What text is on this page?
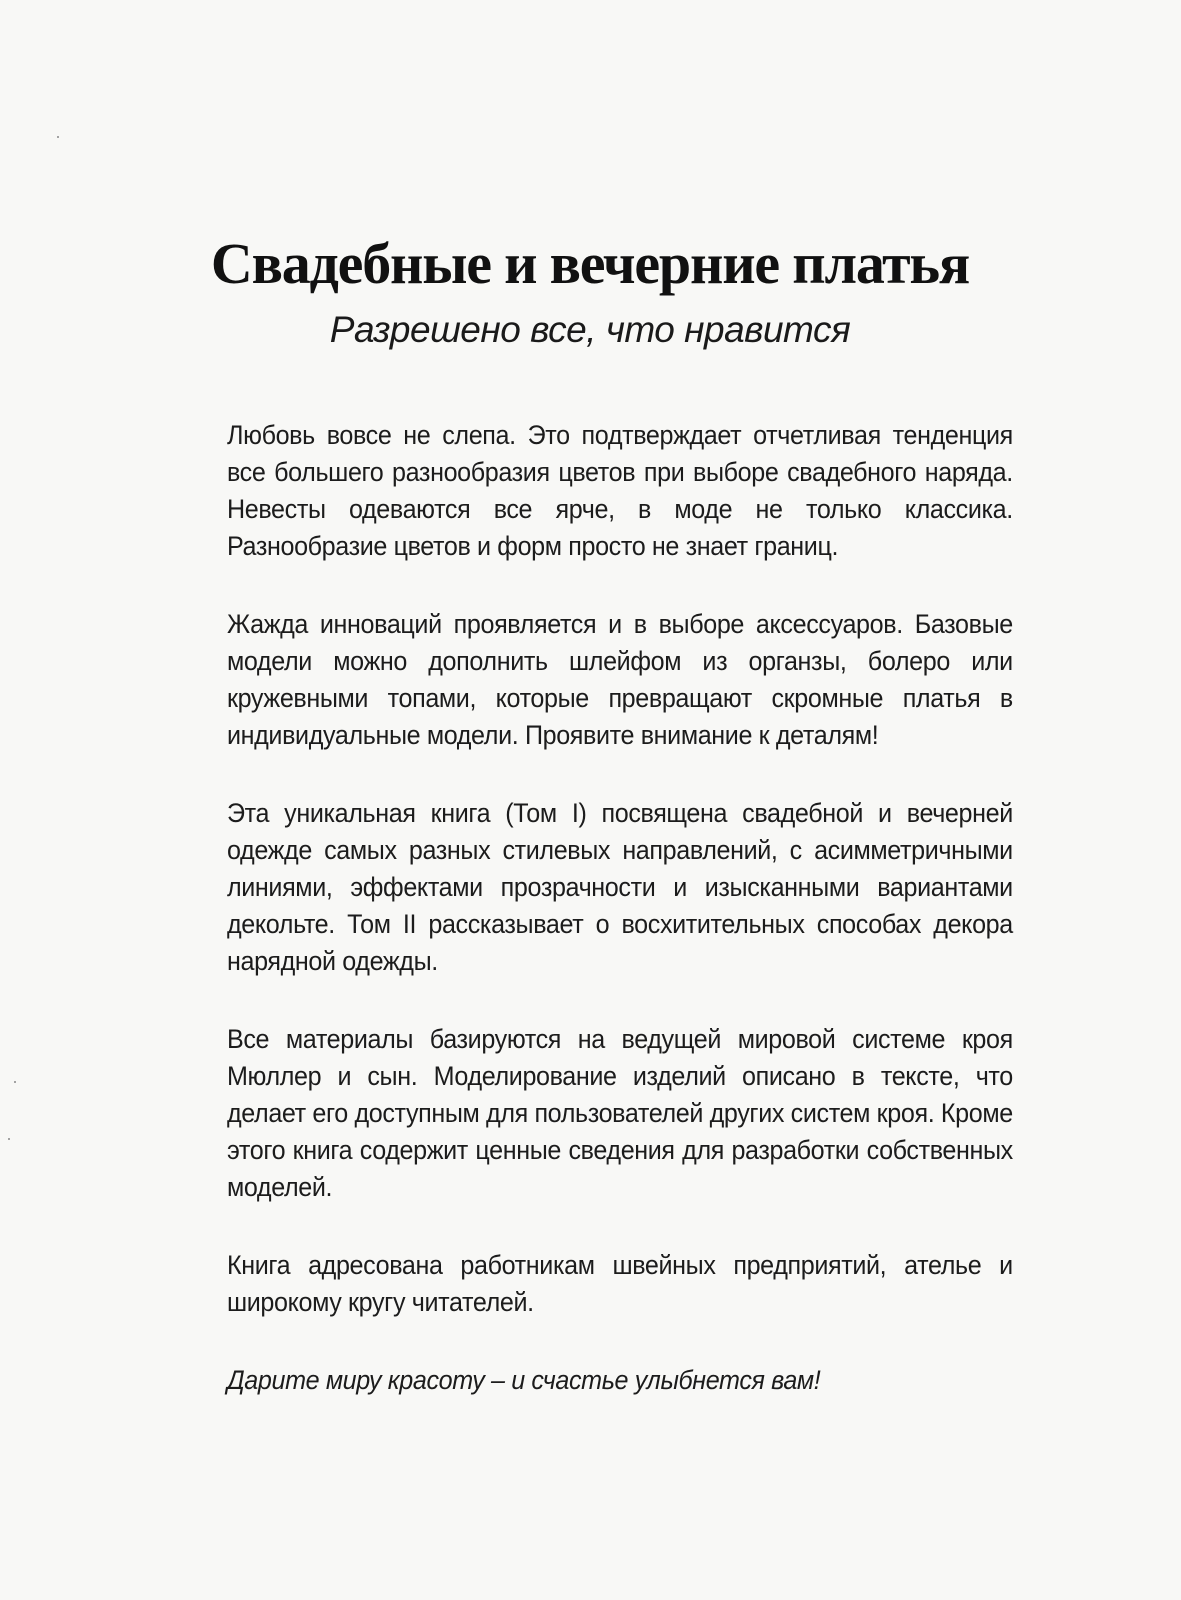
Свадебные и вечерние платья

Разрешено все, что нравится

Любовь вовсе не слепа. Это подтверждает отчетливая тенденция все большего разнообразия цветов при выборе свадебного наряда. Невесты одеваются все ярче, в моде не только классика. Разнообразие цветов и форм просто не знает границ.

Жажда инноваций проявляется и в выборе аксессуаров. Базовые модели можно дополнить шлейфом из органзы, болеро или кружевными топами, которые превращают скромные платья в индивидуальные модели. Проявите внимание к деталям!

Эта уникальная книга (Том I) посвящена свадебной и вечерней одежде самых разных стилевых направлений, с асимметричными линиями, эффектами прозрачности и изысканными вариантами декольте. Том II рассказывает о восхитительных способах декора нарядной одежды.

Все материалы базируются на ведущей мировой системе кроя Мюллер и сын. Моделирование изделий описано в тексте, что делает его доступным для пользователей других систем кроя. Кроме этого книга содержит ценные сведения для разработки собственных моделей.

Книга адресована работникам швейных предприятий, ателье и широкому кругу читателей.

Дарите миру красоту – и счастье улыбнется вам!
